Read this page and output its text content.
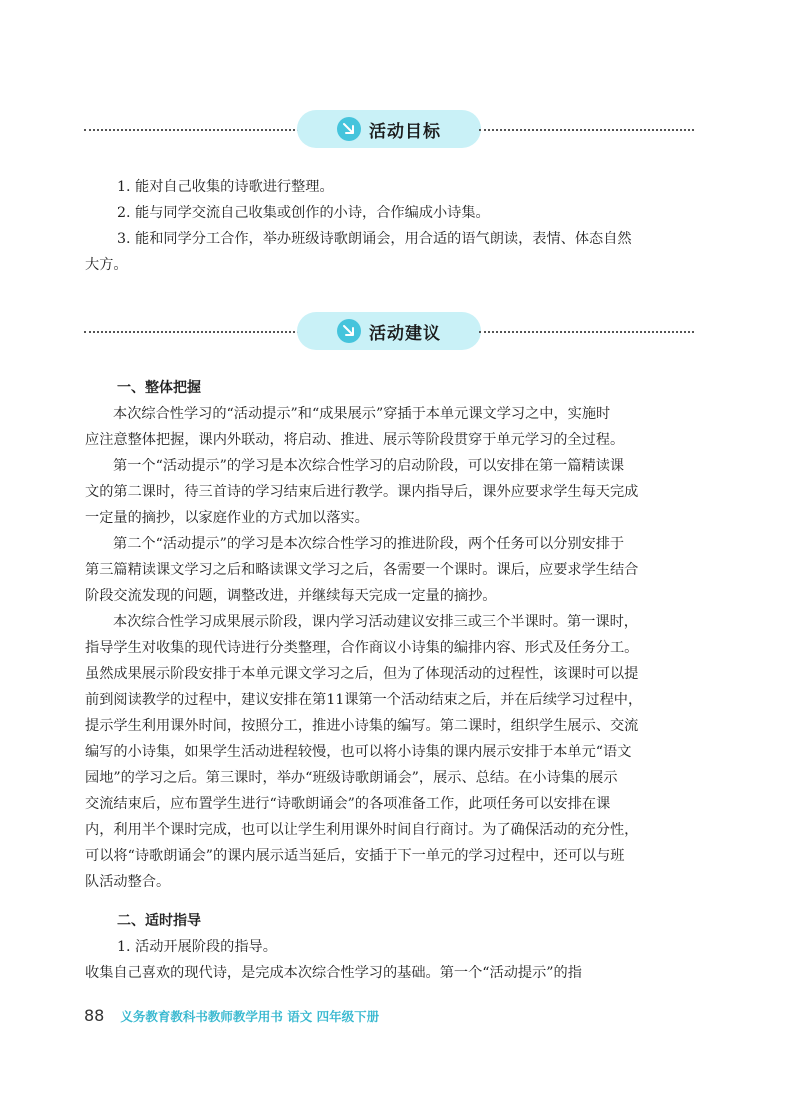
活动目标
1. 能对自己收集的诗歌进行整理。
2. 能与同学交流自己收集或创作的小诗，合作编成小诗集。
3. 能和同学分工合作，举办班级诗歌朗诵会，用合适的语气朗读，表情、体态自然
大方。
活动建议
一、整体把握
本次综合性学习的“活动提示”和“成果展示”穿插于本单元课文学习之中，实施时
应注意整体把握，课内外联动，将启动、推进、展示等阶段贯穿于单元学习的全过程。
第一个“活动提示”的学习是本次综合性学习的启动阶段，可以安排在第一篇精读课
文的第二课时，待三首诗的学习结束后进行教学。课内指导后，课外应要求学生每天完成
一定量的摘抄，以家庭作业的方式加以落实。
第二个“活动提示”的学习是本次综合性学习的推进阶段，两个任务可以分别安排于
第三篇精读课文学习之后和略读课文学习之后，各需要一个课时。课后，应要求学生结合
阶段交流发现的问题，调整改进，并继续每天完成一定量的摘抄。
本次综合性学习成果展示阶段，课内学习活动建议安排三或三个半课时。第一课时，
指导学生对收集的现代诗进行分类整理，合作商议小诗集的编排内容、形式及任务分工。
虽然成果展示阶段安排于本单元课文学习之后，但为了体现活动的过程性，该课时可以提
前到阅读教学的过程中，建议安排在第11课第一个活动结束之后，并在后续学习过程中，
提示学生利用课外时间，按照分工，推进小诗集的编写。第二课时，组织学生展示、交流
编写的小诗集，如果学生活动进程较慢，也可以将小诗集的课内展示安排于本单元“语文
园地”的学习之后。第三课时，举办“班级诗歌朗诵会”，展示、总结。在小诗集的展示
交流结束后，应布置学生进行“诗歌朗诵会”的各项准备工作，此项任务可以安排在课
内，利用半个课时完成，也可以让学生利用课外时间自行商讨。为了确保活动的充分性，
可以将“诗歌朗诵会”的课内展示适当延后，安插于下一单元的学习过程中，还可以与班
队活动整合。
二、适时指导
1. 活动开展阶段的指导。
收集自己喜欢的现代诗，是完成本次综合性学习的基础。第一个“活动提示”的指
88 义务教育教科书教师教学用书 语文 四年级下册
